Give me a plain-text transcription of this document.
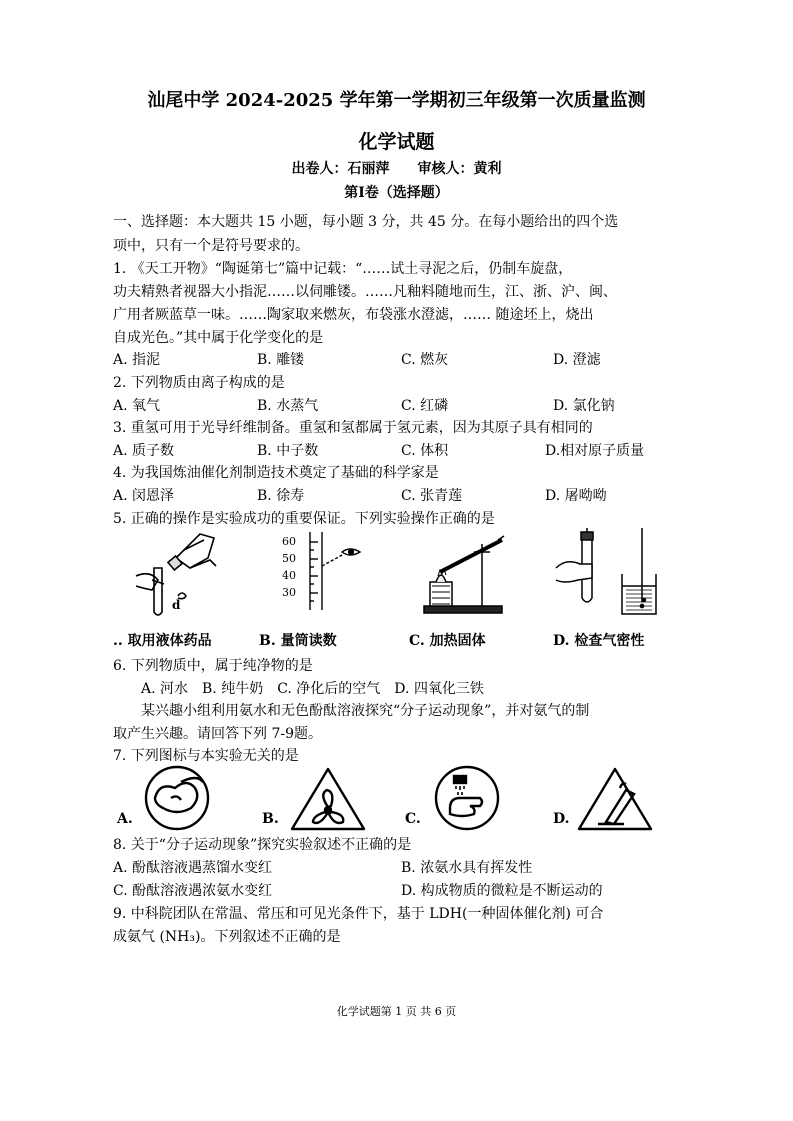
汕尾中学 2024-2025 学年第一学期初三年级第一次质量监测
化学试题
出卷人：石丽萍　　审核人：黄利
第Ⅰ卷（选择题）
一、选择题：本大题共 15 小题，每小题 3 分，共 45 分。在每小题给出的四个选
项中，只有一个是符号要求的。
1. 《天工开物》“陶诞第七”篇中记载：“……试土寻泥之后，仍制车旋盘，
功夫精熟者视器大小指泥……以伺雕镂。……凡釉料随地而生，江、浙、沪、闽、
广用者厥蓝草一味。……陶家取来燃灰，布袋涨水澄滤，…… 随途坯上，烧出
自成光色。”其中属于化学变化的是
A. 指泥	B. 雕镂	C. 燃灰	D. 澄滤
2. 下列物质由离子构成的是
A. 氧气	B. 水蒸气	C. 红磷	D. 氯化钠
3. 重氢可用于光导纤维制备。重氢和氢都属于氢元素，因为其原子具有相同的
A. 质子数	B. 中子数	C. 体积	D.相对原子质量
4. 为我国炼油催化剂制造技术奠定了基础的科学家是
A. 闵恩泽	B. 徐寿	C. 张青莲	D. 屠呦呦
5. 正确的操作是实验成功的重要保证。下列实验操作正确的是
d
60
50
40
30
.. 取用液体药品	B. 量筒读数	C. 加热固体	D. 检查气密性
6. 下列物质中，属于纯净物的是
A. 河水　B. 纯牛奶　C. 净化后的空气　D. 四氧化三铁
某兴趣小组利用氨水和无色酚酞溶液探究“分子运动现象”，并对氨气的制
取产生兴趣。请回答下列 7-9题。
7. 下列图标与本实验无关的是
A.	B.	C.	D.
8. 关于“分子运动现象”探究实验叙述不正确的是
A. 酚酞溶液遇蒸馏水变红	B. 浓氨水具有挥发性
C. 酚酞溶液遇浓氨水变红	D. 构成物质的微粒是不断运动的
9. 中科院团队在常温、常压和可见光条件下，基于 LDH(一种固体催化剂) 可合
成氨气 (NH₃)。下列叙述不正确的是
化学试题第 1 页 共 6 页
